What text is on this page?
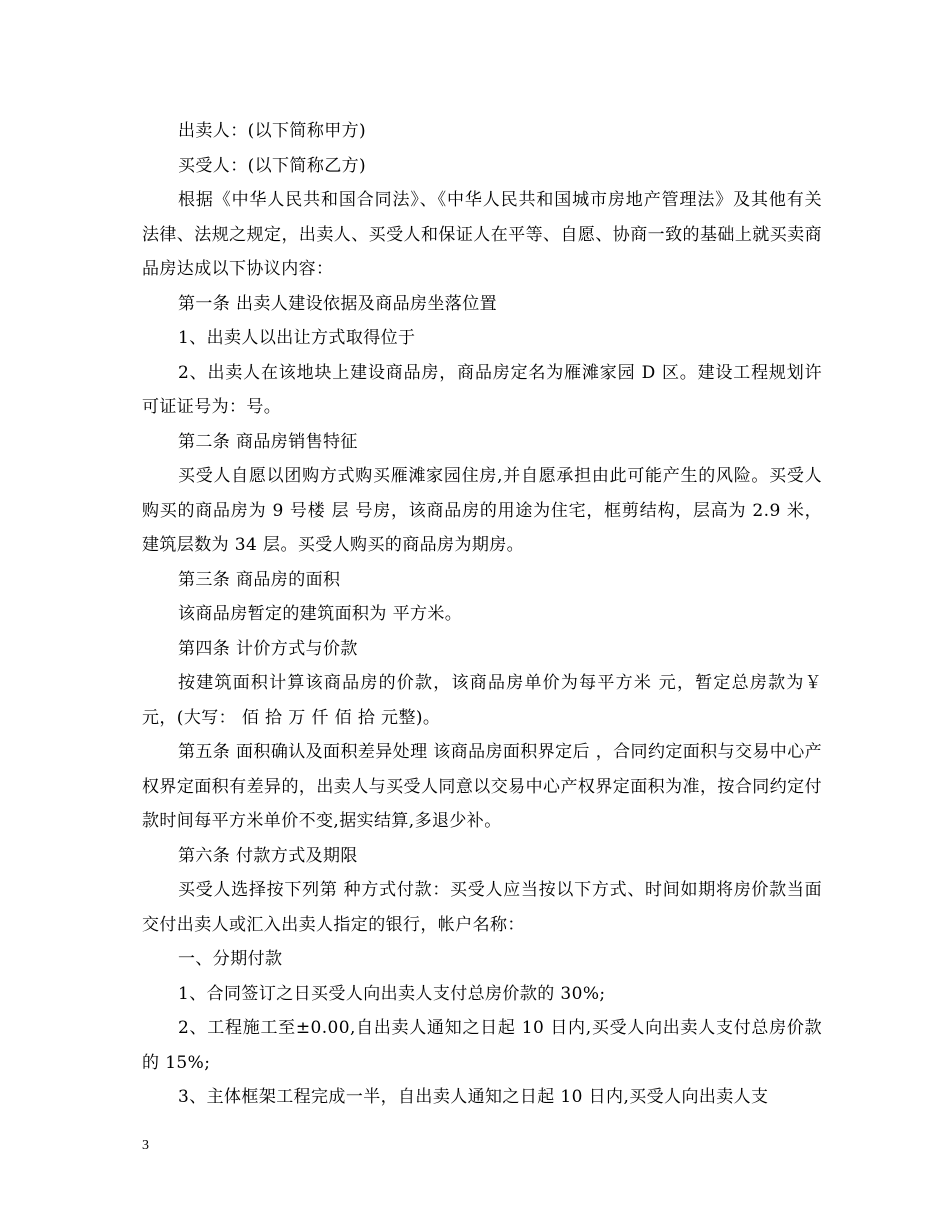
出卖人：(以下简称甲方)

买受人：(以下简称乙方)

根据《中华人民共和国合同法》、《中华人民共和国城市房地产管理法》及其他有关法律、法规之规定，出卖人、买受人和保证人在平等、自愿、协商一致的基础上就买卖商品房达成以下协议内容：

第一条 出卖人建设依据及商品房坐落位置

1、出卖人以出让方式取得位于

2、出卖人在该地块上建设商品房，商品房定名为雁滩家园 D 区。建设工程规划许可证证号为：号。

第二条 商品房销售特征

买受人自愿以团购方式购买雁滩家园住房,并自愿承担由此可能产生的风险。买受人购买的商品房为 9 号楼 层 号房，该商品房的用途为住宅，框剪结构，层高为 2.9 米，建筑层数为 34 层。买受人购买的商品房为期房。

第三条 商品房的面积

该商品房暂定的建筑面积为 平方米。

第四条 计价方式与价款

按建筑面积计算该商品房的价款，该商品房单价为每平方米 元，暂定总房款为￥ 元，(大写： 佰 拾 万 仟 佰 拾 元整)。

第五条 面积确认及面积差异处理 该商品房面积界定后 ，合同约定面积与交易中心产权界定面积有差异的，出卖人与买受人同意以交易中心产权界定面积为准，按合同约定付款时间每平方米单价不变,据实结算,多退少补。

第六条 付款方式及期限

买受人选择按下列第 种方式付款：买受人应当按以下方式、时间如期将房价款当面交付出卖人或汇入出卖人指定的银行，帐户名称：

一、分期付款

1、合同签订之日买受人向出卖人支付总房价款的 30%;

2、工程施工至±0.00,自出卖人通知之日起 10 日内,买受人向出卖人支付总房价款的 15%;

3、主体框架工程完成一半，自出卖人通知之日起 10 日内,买受人向出卖人支

3
